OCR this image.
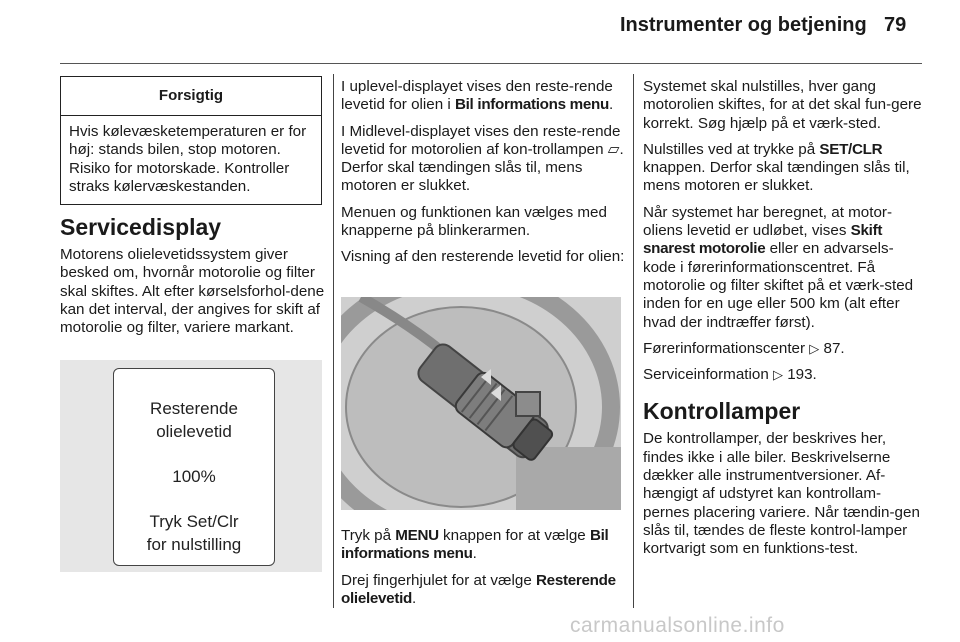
Instrumenter og betjening 79
Forsigtig
Hvis kølevæsketemperaturen er for høj: stands bilen, stop motoren. Risiko for motorskade. Kontroller straks kølervæskestanden.
Servicedisplay

Motorens olielevetidssystem giver besked om, hvornår motorolie og filter skal skiftes. Alt efter kørselsforhol-dene kan det interval, der angives for skift af motorolie og filter, variere markant.

Resterende
olielevetid
100%
Tryk Set/Clr
for nulstilling

I uplevel-displayet vises den reste-rende levetid for olien i Bil informations menu.

I Midlevel-displayet vises den reste-rende levetid for motorolien af kon-trollampen ⏥. Derfor skal tændingen slås til, mens motoren er slukket.

Menuen og funktionen kan vælges med knapperne på blinkerarmen.

Visning af den resterende levetid for olien:

Tryk på MENU knappen for at vælge Bil informations menu.

Drej fingerhjulet for at vælge Resterende olielevetid.

Systemet skal nulstilles, hver gang motorolien skiftes, for at det skal fun-gere korrekt. Søg hjælp på et værk-sted.

Nulstilles ved at trykke på SET/CLR knappen. Derfor skal tændingen slås til, mens motoren er slukket.

Når systemet har beregnet, at motor-oliens levetid er udløbet, vises Skift snarest motorolie eller en advarsels-kode i førerinformationscentret. Få motorolie og filter skiftet på et værk-sted inden for en uge eller 500 km (alt efter hvad der indtræffer først).

Førerinformationscenter ▷ 87.

Serviceinformation ▷ 193.

Kontrollamper

De kontrollamper, der beskrives her, findes ikke i alle biler. Beskrivelserne dækker alle instrumentversioner. Af-hængigt af udstyret kan kontrollam-pernes placering variere. Når tændin-gen slås til, tændes de fleste kontrol-lamper kortvarigt som en funktions-test.

carmanualsonline.info
